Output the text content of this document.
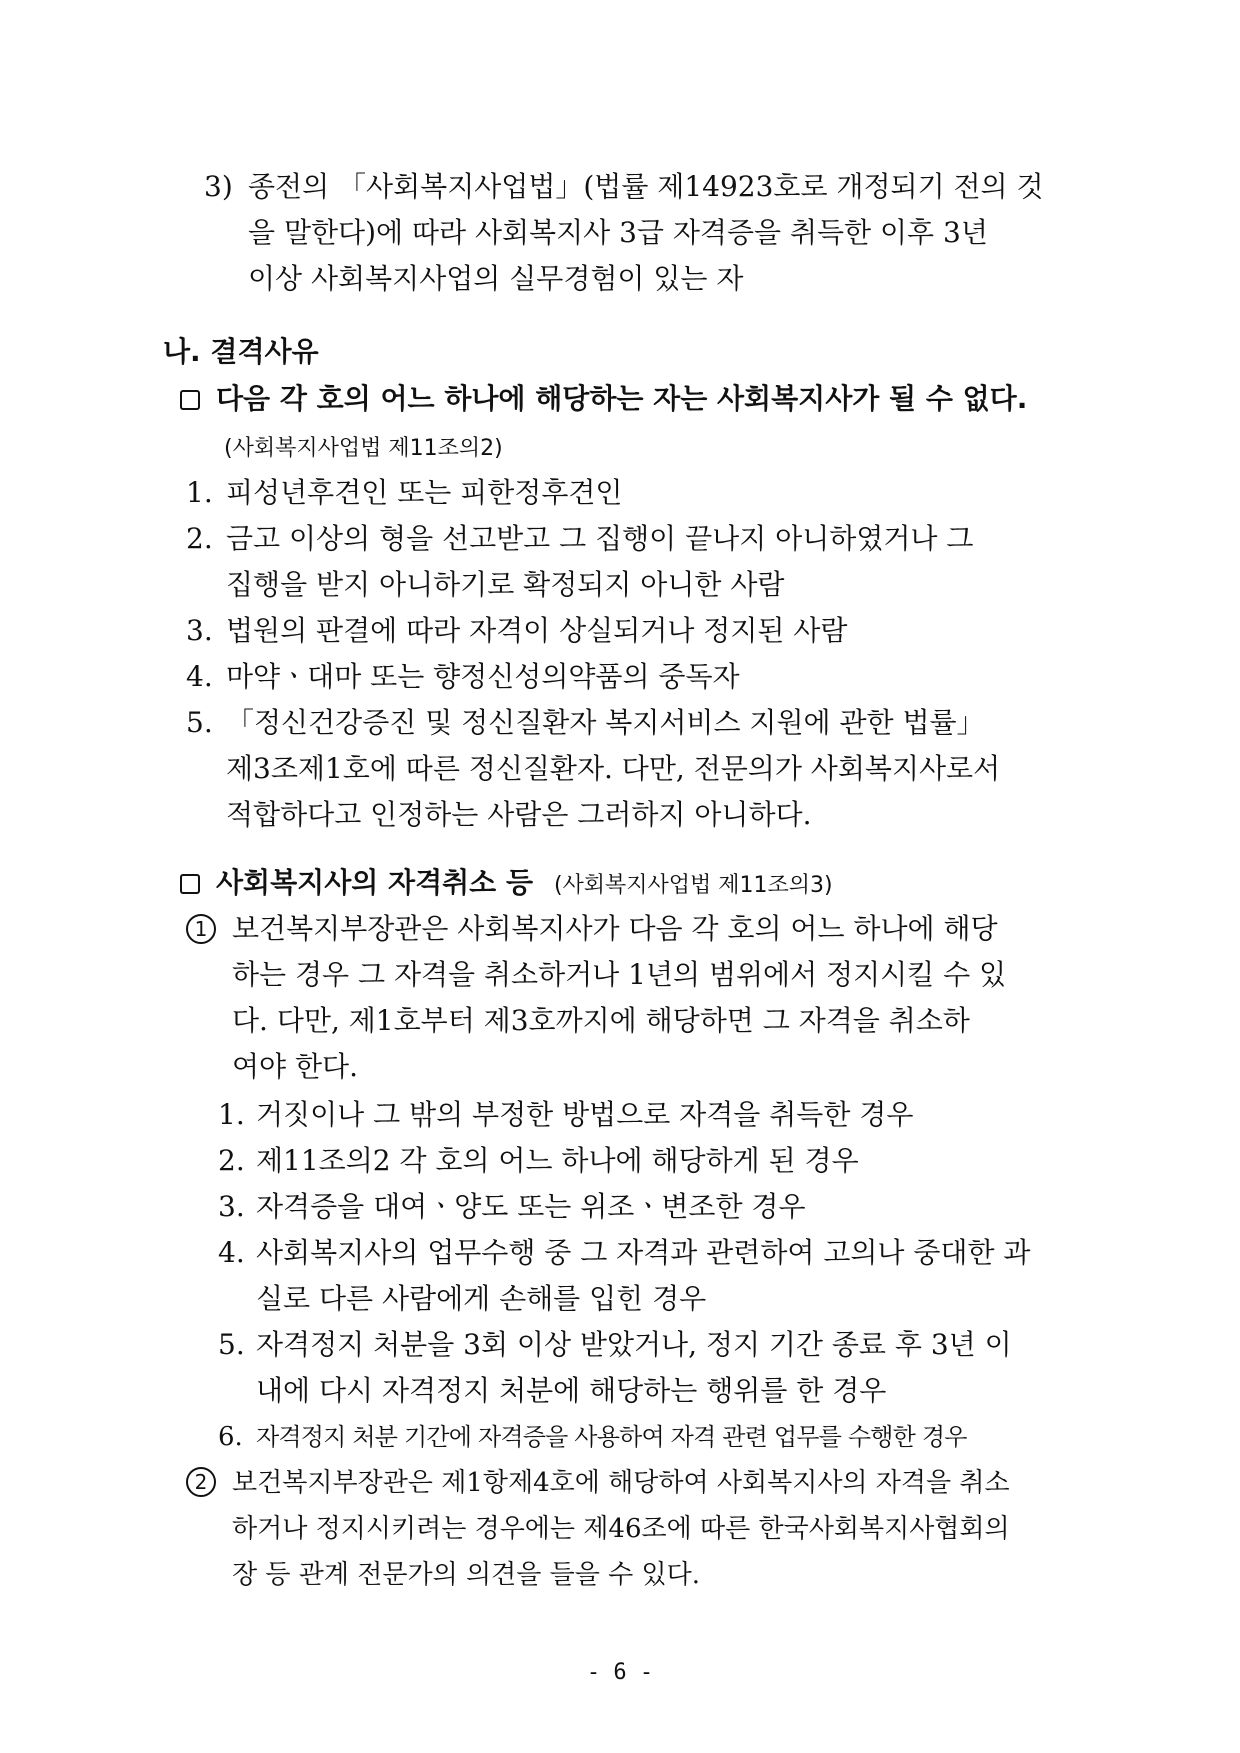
3) 종전의 「사회복지사업법」(법률 제14923호로 개정되기 전의 것
을 말한다)에 따라 사회복지사 3급 자격증을 취득한 이후 3년
이상 사회복지사업의 실무경험이 있는 자
나. 결격사유
다음 각 호의 어느 하나에 해당하는 자는 사회복지사가 될 수 없다.
(사회복지사업법 제11조의2)
1. 피성년후견인 또는 피한정후견인
2. 금고 이상의 형을 선고받고 그 집행이 끝나지 아니하였거나 그
집행을 받지 아니하기로 확정되지 아니한 사람
3. 법원의 판결에 따라 자격이 상실되거나 정지된 사람
4. 마약ㆍ대마 또는 향정신성의약품의 중독자
5. 「정신건강증진 및 정신질환자 복지서비스 지원에 관한 법률」
제3조제1호에 따른 정신질환자. 다만, 전문의가 사회복지사로서
적합하다고 인정하는 사람은 그러하지 아니하다.
사회복지사의 자격취소 등 (사회복지사업법 제11조의3)
1 보건복지부장관은 사회복지사가 다음 각 호의 어느 하나에 해당
하는 경우 그 자격을 취소하거나 1년의 범위에서 정지시킬 수 있
다. 다만, 제1호부터 제3호까지에 해당하면 그 자격을 취소하
여야 한다.
1. 거짓이나 그 밖의 부정한 방법으로 자격을 취득한 경우
2. 제11조의2 각 호의 어느 하나에 해당하게 된 경우
3. 자격증을 대여ㆍ양도 또는 위조ㆍ변조한 경우
4. 사회복지사의 업무수행 중 그 자격과 관련하여 고의나 중대한 과
실로 다른 사람에게 손해를 입힌 경우
5. 자격정지 처분을 3회 이상 받았거나, 정지 기간 종료 후 3년 이
내에 다시 자격정지 처분에 해당하는 행위를 한 경우
6. 자격정지 처분 기간에 자격증을 사용하여 자격 관련 업무를 수행한 경우
2 보건복지부장관은 제1항제4호에 해당하여 사회복지사의 자격을 취소
하거나 정지시키려는 경우에는 제46조에 따른 한국사회복지사협회의
장 등 관계 전문가의 의견을 들을 수 있다.
- 6 -
